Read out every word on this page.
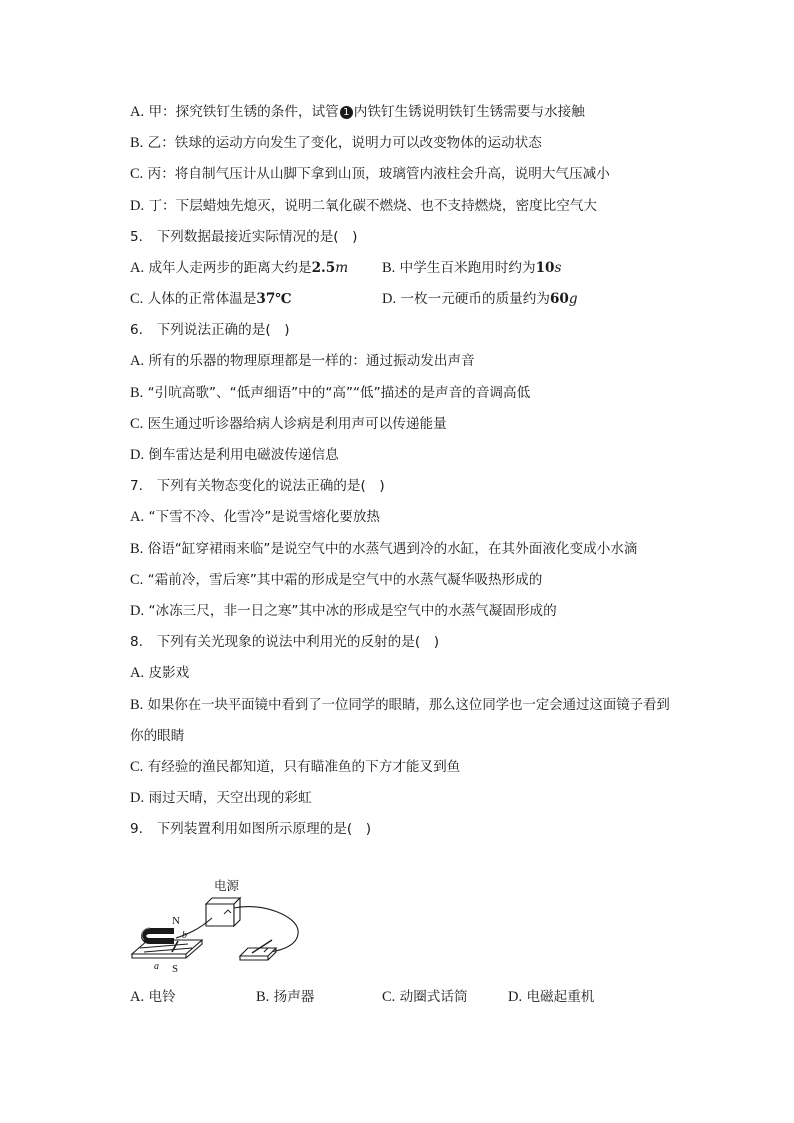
A. 甲：探究铁钉生锈的条件，试管 1 内铁钉生锈说明铁钉生锈需要与水接触
B. 乙：铁球的运动方向发生了变化，说明力可以改变物体的运动状态
C. 丙：将自制气压计从山脚下拿到山顶，玻璃管内液柱会升高，说明大气压减小
D. 丁：下层蜡烛先熄灭，说明二氧化碳不燃烧、也不支持燃烧，密度比空气大
5.　下列数据最接近实际情况的是(　)
A. 成年人走两步的距离大约是2.5m B. 中学生百米跑用时约为10s
C. 人体的正常体温是37℃	D. 一枚一元硬币的质量约为60g
6.　下列说法正确的是(　)
A. 所有的乐器的物理原理都是一样的：通过振动发出声音
B. “引吭高歌”、“低声细语”中的“高”“低”描述的是声音的音调高低
C. 医生通过听诊器给病人诊病是利用声可以传递能量
D. 倒车雷达是利用电磁波传递信息
7.　下列有关物态变化的说法正确的是(　)
A. “下雪不冷、化雪冷”是说雪熔化要放热
B. 俗语“缸穿裙雨来临”是说空气中的水蒸气遇到冷的水缸，在其外面液化变成小水滴
C. “霜前冷，雪后寒”其中霜的形成是空气中的水蒸气凝华吸热形成的
D. “冰冻三尺，非一日之寒”其中冰的形成是空气中的水蒸气凝固形成的
8.　下列有关光现象的说法中利用光的反射的是(　)
A. 皮影戏
B. 如果你在一块平面镜中看到了一位同学的眼睛，那么这位同学也一定会通过这面镜子看到
你的眼睛
C. 有经验的渔民都知道，只有瞄准鱼的下方才能叉到鱼
D. 雨过天晴，天空出现的彩虹
9.　下列装置利用如图所示原理的是(　)
电源
N
b
a S
A. 电铃	B. 扬声器	C. 动圈式话筒	D. 电磁起重机
